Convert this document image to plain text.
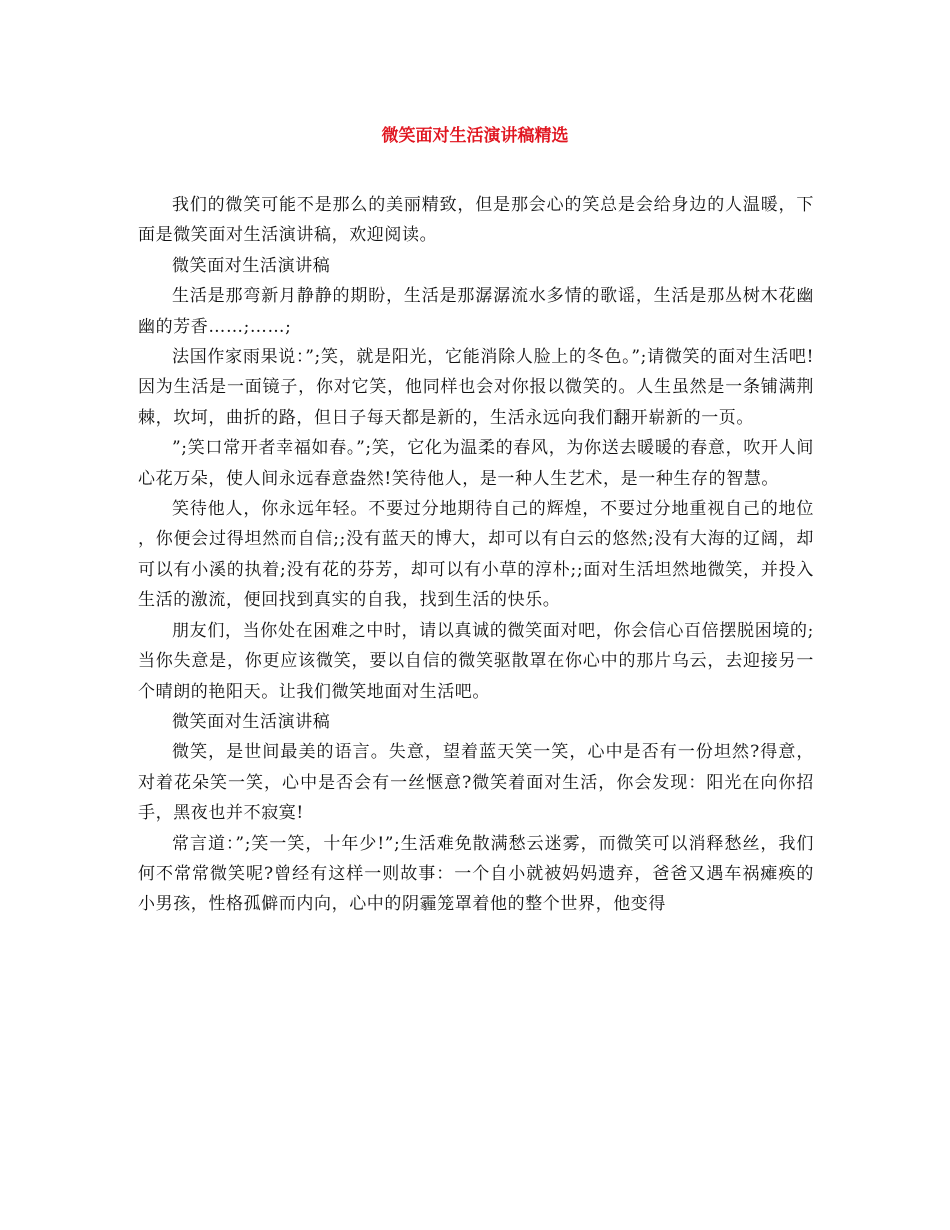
微笑面对生活演讲稿精选

我们的微笑可能不是那么的美丽精致，但是那会心的笑总是会给身边的人温暖，下面是微笑面对生活演讲稿，欢迎阅读。

微笑面对生活演讲稿

生活是那弯新月静静的期盼，生活是那潺潺流水多情的歌谣，生活是那丛树木花幽幽的芳香……;……;

法国作家雨果说：”;笑，就是阳光，它能消除人脸上的冬色。”;请微笑的面对生活吧!因为生活是一面镜子，你对它笑，他同样也会对你报以微笑的。人生虽然是一条铺满荆棘，坎坷，曲折的路，但日子每天都是新的，生活永远向我们翻开崭新的一页。

”;笑口常开者幸福如春。”;笑，它化为温柔的春风，为你送去暖暖的春意，吹开人间心花万朵，使人间永远春意盎然!笑待他人，是一种人生艺术，是一种生存的智慧。

笑待他人，你永远年轻。不要过分地期待自己的辉煌，不要过分地重视自己的地位，你便会过得坦然而自信;;没有蓝天的博大，却可以有白云的悠然;没有大海的辽阔，却可以有小溪的执着;没有花的芬芳，却可以有小草的淳朴;;面对生活坦然地微笑，并投入生活的激流，便回找到真实的自我，找到生活的快乐。

朋友们，当你处在困难之中时，请以真诚的微笑面对吧，你会信心百倍摆脱困境的;当你失意是，你更应该微笑，要以自信的微笑驱散罩在你心中的那片乌云，去迎接另一个晴朗的艳阳天。让我们微笑地面对生活吧。

微笑面对生活演讲稿

微笑，是世间最美的语言。失意，望着蓝天笑一笑，心中是否有一份坦然?得意，对着花朵笑一笑，心中是否会有一丝惬意?微笑着面对生活，你会发现：阳光在向你招手，黑夜也并不寂寞!

常言道：”;笑一笑，十年少!”;生活难免散满愁云迷雾，而微笑可以消释愁丝，我们何不常常微笑呢?曾经有这样一则故事：一个自小就被妈妈遗弃，爸爸又遇车祸瘫痪的小男孩，性格孤僻而内向，心中的阴霾笼罩着他的整个世界，他变得
